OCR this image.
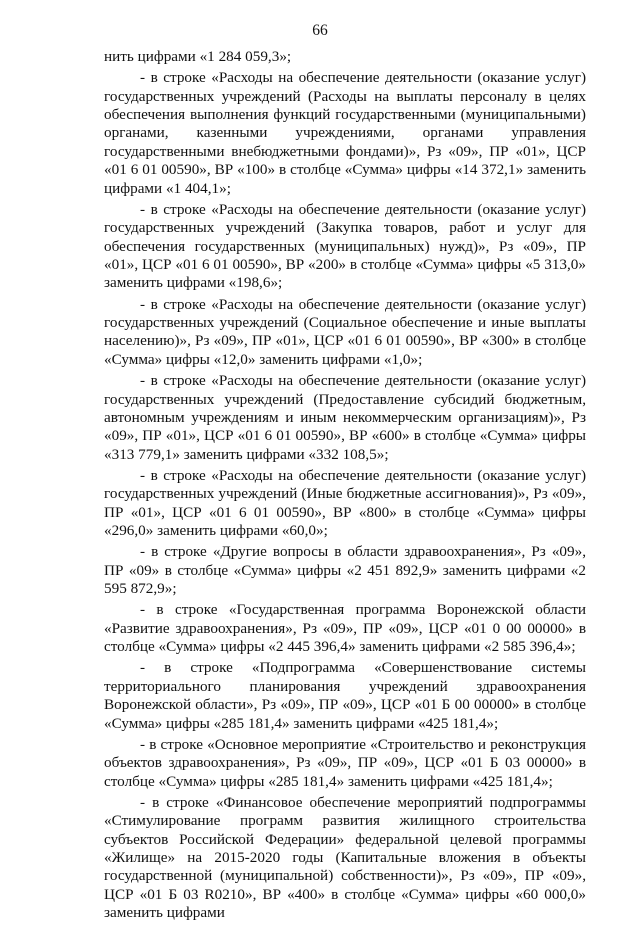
66

нить цифрами «1 284 059,3»;

- в строке «Расходы на обеспечение деятельности (оказание услуг) государственных учреждений (Расходы на выплаты персоналу в целях обеспечения выполнения функций государственными (муниципальными) органами, казенными учреждениями, органами управления государственными внебюджетными фондами)», Рз «09», ПР «01», ЦСР «01 6 01 00590», ВР «100» в столбце «Сумма» цифры «14 372,1» заменить цифрами «1 404,1»;

- в строке «Расходы на обеспечение деятельности (оказание услуг) государственных учреждений (Закупка товаров, работ и услуг для обеспечения государственных (муниципальных) нужд)», Рз «09», ПР «01», ЦСР «01 6 01 00590», ВР «200» в столбце «Сумма» цифры «5 313,0» заменить цифрами «198,6»;

- в строке «Расходы на обеспечение деятельности (оказание услуг) государственных учреждений (Социальное обеспечение и иные выплаты населению)», Рз «09», ПР «01», ЦСР «01 6 01 00590», ВР «300» в столбце «Сумма» цифры «12,0» заменить цифрами «1,0»;

- в строке «Расходы на обеспечение деятельности (оказание услуг) государственных учреждений (Предоставление субсидий бюджетным, автономным учреждениям и иным некоммерческим организациям)», Рз «09», ПР «01», ЦСР «01 6 01 00590», ВР «600» в столбце «Сумма» цифры «313 779,1» заменить цифрами «332 108,5»;

- в строке «Расходы на обеспечение деятельности (оказание услуг) государственных учреждений (Иные бюджетные ассигнования)», Рз «09», ПР «01», ЦСР «01 6 01 00590», ВР «800» в столбце «Сумма» цифры «296,0» заменить цифрами «60,0»;

- в строке «Другие вопросы в области здравоохранения», Рз «09», ПР «09» в столбце «Сумма» цифры «2 451 892,9» заменить цифрами «2 595 872,9»;

- в строке «Государственная программа Воронежской области «Развитие здравоохранения», Рз «09», ПР «09», ЦСР «01 0 00 00000» в столбце «Сумма» цифры «2 445 396,4» заменить цифрами «2 585 396,4»;

- в строке «Подпрограмма «Совершенствование системы территориального планирования учреждений здравоохранения Воронежской области», Рз «09», ПР «09», ЦСР «01 Б 00 00000» в столбце «Сумма» цифры «285 181,4» заменить цифрами «425 181,4»;

- в строке «Основное мероприятие «Строительство и реконструкция объектов здравоохранения», Рз «09», ПР «09», ЦСР «01 Б 03 00000» в столбце «Сумма» цифры «285 181,4» заменить цифрами «425 181,4»;

- в строке «Финансовое обеспечение мероприятий подпрограммы «Стимулирование программ развития жилищного строительства субъектов Российской Федерации» федеральной целевой программы «Жилище» на 2015-2020 годы (Капитальные вложения в объекты государственной (муниципальной) собственности)», Рз «09», ПР «09», ЦСР «01 Б 03 R0210», ВР «400» в столбце «Сумма» цифры «60 000,0» заменить цифрами
